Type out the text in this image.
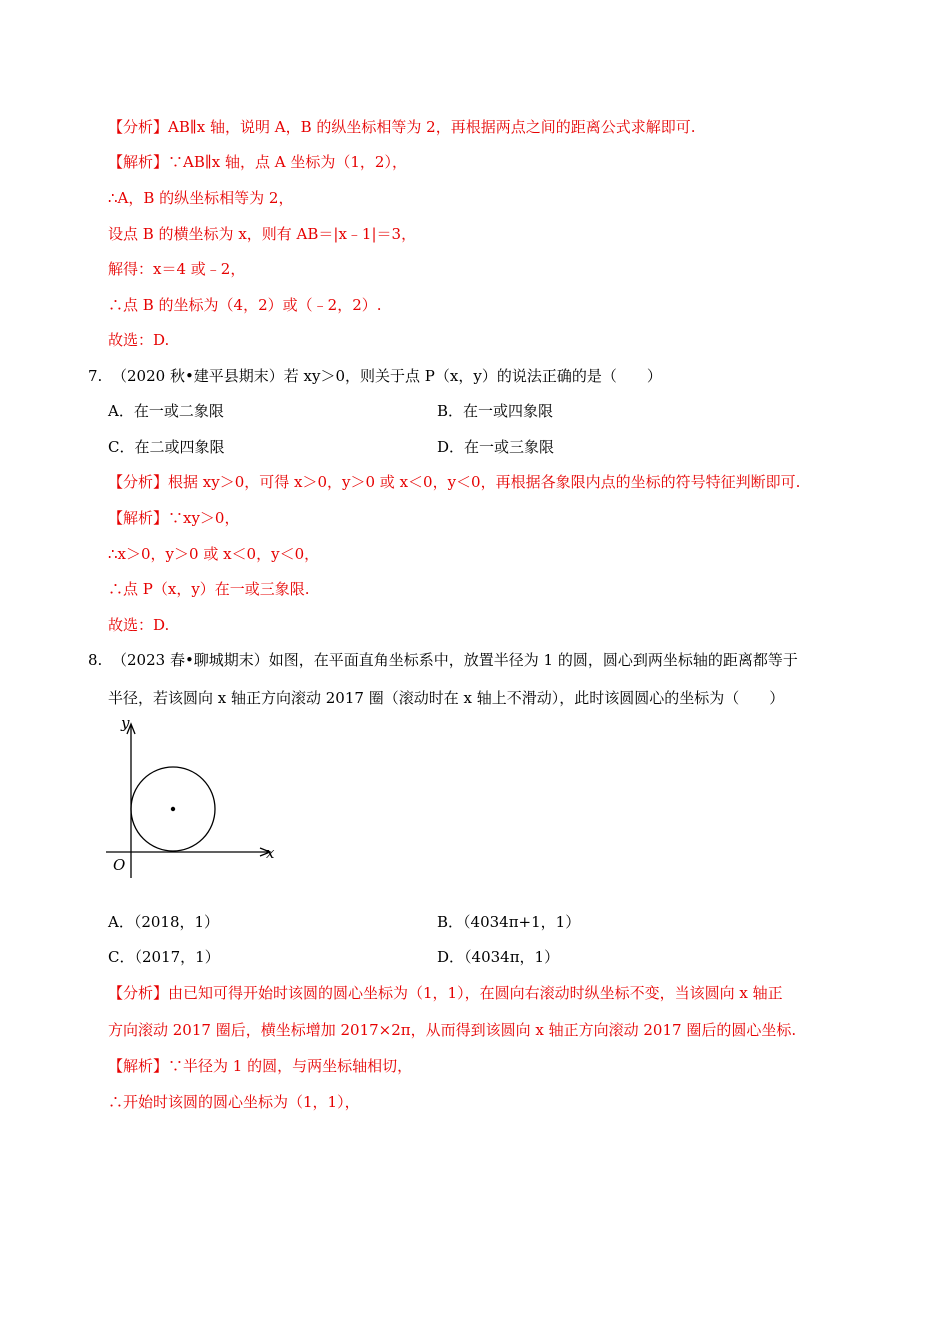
【分析】AB∥x 轴，说明 A，B 的纵坐标相等为 2，再根据两点之间的距离公式求解即可.
【解析】∵AB∥x 轴，点 A 坐标为（1，2），
∴A，B 的纵坐标相等为 2，
设点 B 的横坐标为 x，则有 AB＝|x﹣1|＝3，
解得：x＝4 或﹣2，
∴点 B 的坐标为（4，2）或（﹣2，2）.
故选：D.
7. （2020 秋•建平县期末）若 xy＞0，则关于点 P（x，y）的说法正确的是（　　）
A．在一或二象限	B．在一或四象限
C．在二或四象限	D．在一或三象限
【分析】根据 xy＞0，可得 x＞0，y＞0 或 x＜0，y＜0，再根据各象限内点的坐标的符号特征判断即可.
【解析】∵xy＞0，
∴x＞0，y＞0 或 x＜0，y＜0，
∴点 P（x，y）在一或三象限.
故选：D.
8. （2023 春•聊城期末）如图，在平面直角坐标系中，放置半径为 1 的圆，圆心到两坐标轴的距离都等于
半径，若该圆向 x 轴正方向滚动 2017 圈（滚动时在 x 轴上不滑动），此时该圆圆心的坐标为（　　）
y
x
O
A．（2018，1）	B．（4034π+1，1）
C．（2017，1）	D．（4034π，1）
【分析】由已知可得开始时该圆的圆心坐标为（1，1），在圆向右滚动时纵坐标不变，当该圆向 x 轴正
方向滚动 2017 圈后，横坐标增加 2017×2π，从而得到该圆向 x 轴正方向滚动 2017 圈后的圆心坐标.
【解析】∵半径为 1 的圆，与两坐标轴相切，
∴开始时该圆的圆心坐标为（1，1），
